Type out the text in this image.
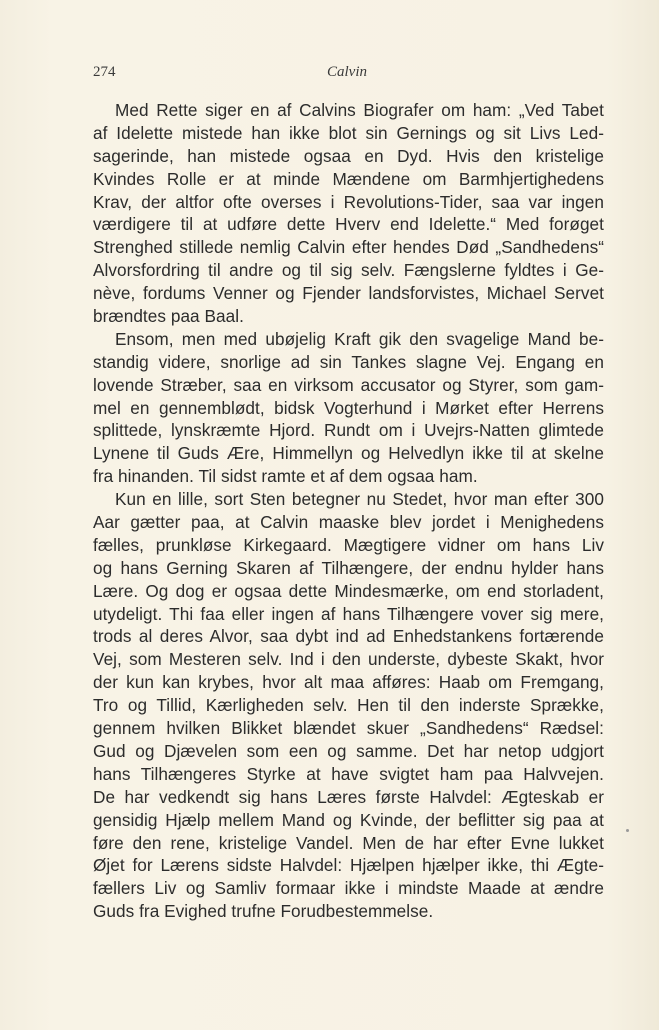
274	Calvin
Med Rette siger en af Calvins Biografer om ham: „Ved Tabet
af Idelette mistede han ikke blot sin Gernings og sit Livs Led-
sagerinde, han mistede ogsaa en Dyd. Hvis den kristelige
Kvindes Rolle er at minde Mændene om Barmhjertighedens
Krav, der altfor ofte overses i Revolutions-Tider, saa var ingen
værdigere til at udføre dette Hverv end Idelette.“ Med forøget
Strenghed stillede nemlig Calvin efter hendes Død „Sandhedens“
Alvorsfordring til andre og til sig selv. Fængslerne fyldtes i Ge-
nève, fordums Venner og Fjender landsforvistes, Michael Servet
brændtes paa Baal.
Ensom, men med ubøjelig Kraft gik den svagelige Mand be-
standig videre, snorlige ad sin Tankes slagne Vej. Engang en
lovende Stræber, saa en virksom accusator og Styrer, som gam-
mel en gennemblødt, bidsk Vogterhund i Mørket efter Herrens
splittede, lynskræmte Hjord. Rundt om i Uvejrs-Natten glimtede
Lynene til Guds Ære, Himmellyn og Helvedlyn ikke til at skelne
fra hinanden. Til sidst ramte et af dem ogsaa ham.
Kun en lille, sort Sten betegner nu Stedet, hvor man efter 300
Aar gætter paa, at Calvin maaske blev jordet i Menighedens
fælles, prunkløse Kirkegaard. Mægtigere vidner om hans Liv
og hans Gerning Skaren af Tilhængere, der endnu hylder hans
Lære. Og dog er ogsaa dette Mindesmærke, om end storladent,
utydeligt. Thi faa eller ingen af hans Tilhængere vover sig mere,
trods al deres Alvor, saa dybt ind ad Enhedstankens fortærende
Vej, som Mesteren selv. Ind i den underste, dybeste Skakt, hvor
der kun kan krybes, hvor alt maa afføres: Haab om Fremgang,
Tro og Tillid, Kærligheden selv. Hen til den inderste Sprække,
gennem hvilken Blikket blændet skuer „Sandhedens“ Rædsel:
Gud og Djævelen som een og samme. Det har netop udgjort
hans Tilhængeres Styrke at have svigtet ham paa Halvvejen.
De har vedkendt sig hans Læres første Halvdel: Ægteskab er
gensidig Hjælp mellem Mand og Kvinde, der beflitter sig paa at
føre den rene, kristelige Vandel. Men de har efter Evne lukket
Øjet for Lærens sidste Halvdel: Hjælpen hjælper ikke, thi Ægte-
fællers Liv og Samliv formaar ikke i mindste Maade at ændre
Guds fra Evighed trufne Forudbestemmelse.
